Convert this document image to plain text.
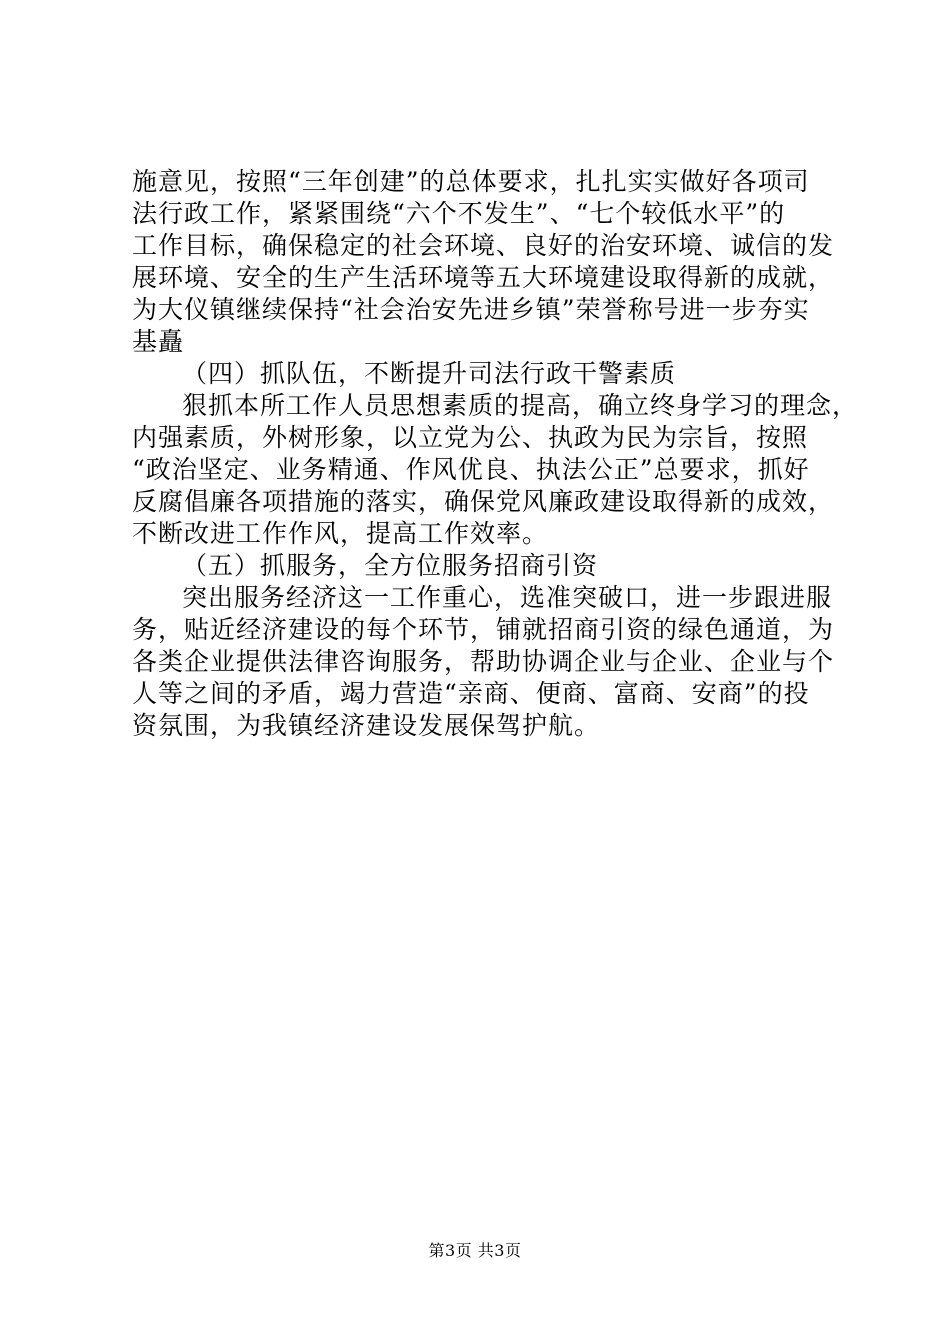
施意见，按照“三年创建”的总体要求，扎扎实实做好各项司
法行政工作，紧紧围绕“六个不发生”、“七个较低水平”的
工作目标，确保稳定的社会环境、良好的治安环境、诚信的发
展环境、安全的生产生活环境等五大环境建设取得新的成就，
为大仪镇继续保持“社会治安先进乡镇”荣誉称号进一步夯实
基矗
（四）抓队伍，不断提升司法行政干警素质
狠抓本所工作人员思想素质的提高，确立终身学习的理念，
内强素质，外树形象，以立党为公、执政为民为宗旨，按照
“政治坚定、业务精通、作风优良、执法公正”总要求，抓好
反腐倡廉各项措施的落实，确保党风廉政建设取得新的成效，
不断改进工作作风，提高工作效率。
（五）抓服务，全方位服务招商引资
突出服务经济这一工作重心，选准突破口，进一步跟进服
务，贴近经济建设的每个环节，铺就招商引资的绿色通道，为
各类企业提供法律咨询服务，帮助协调企业与企业、企业与个
人等之间的矛盾，竭力营造“亲商、便商、富商、安商”的投
资氛围，为我镇经济建设发展保驾护航。
第3页 共3页
